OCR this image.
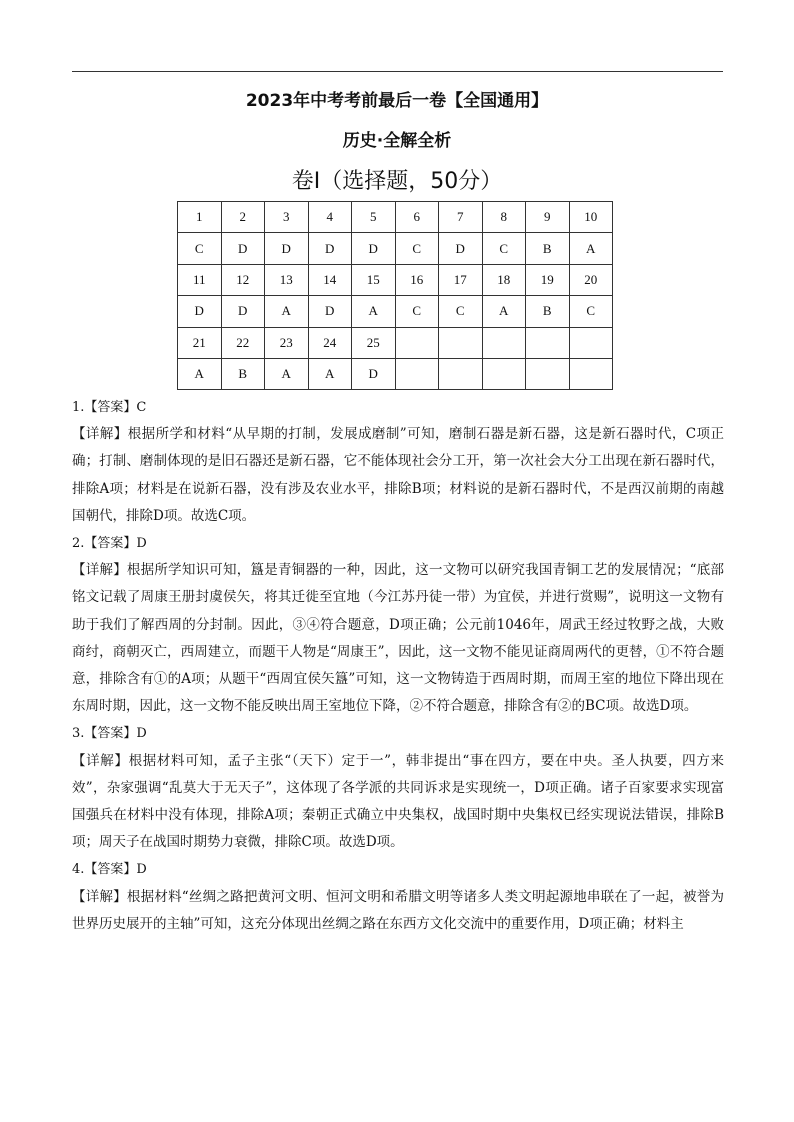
2023年中考考前最后一卷【全国通用】
历史·全解全析
卷Ⅰ（选择题，50分）
1	2	3	4	5	6	7	8	9	10
C	D	D	D	D	C	D	C	B	A
11	12	13	14	15	16	17	18	19	20
D	D	A	D	A	C	C	A	B	C
21	22	23	24	25					
A	B	A	A	D					

1.【答案】C

【详解】根据所学和材料“从早期的打制，发展成磨制”可知，磨制石器是新石器，这是新石器时代，C项正确；打制、磨制体现的是旧石器还是新石器，它不能体现社会分工开，第一次社会大分工出现在新石器时代，排除A项；材料是在说新石器，没有涉及农业水平，排除B项；材料说的是新石器时代，不是西汉前期的南越国朝代，排除D项。故选C项。

2.【答案】D

【详解】根据所学知识可知，簋是青铜器的一种，因此，这一文物可以研究我国青铜工艺的发展情况；“底部铭文记载了周康王册封虞侯矢，将其迁徙至宜地（今江苏丹徒一带）为宜侯，并进行赏赐”，说明这一文物有助于我们了解西周的分封制。因此，③④符合题意，D项正确；公元前1046年，周武王经过牧野之战，大败商纣，商朝灭亡，西周建立，而题干人物是“周康王”，因此，这一文物不能见证商周两代的更替，①不符合题意，排除含有①的A项；从题干“西周宜侯矢簋”可知，这一文物铸造于西周时期，而周王室的地位下降出现在东周时期，因此，这一文物不能反映出周王室地位下降，②不符合题意，排除含有②的BC项。故选D项。

3.【答案】D

【详解】根据材料可知，孟子主张“（天下）定于一”，韩非提出“事在四方，要在中央。圣人执要，四方来效”，杂家强调“乱莫大于无天子”，这体现了各学派的共同诉求是实现统一，D项正确。诸子百家要求实现富国强兵在材料中没有体现，排除A项；秦朝正式确立中央集权，战国时期中央集权已经实现说法错误，排除B项；周天子在战国时期势力衰微，排除C项。故选D项。

4.【答案】D

【详解】根据材料“丝绸之路把黄河文明、恒河文明和希腊文明等诸多人类文明起源地串联在了一起，被誉为世界历史展开的主轴”可知，这充分体现出丝绸之路在东西方文化交流中的重要作用，D项正确；材料主
